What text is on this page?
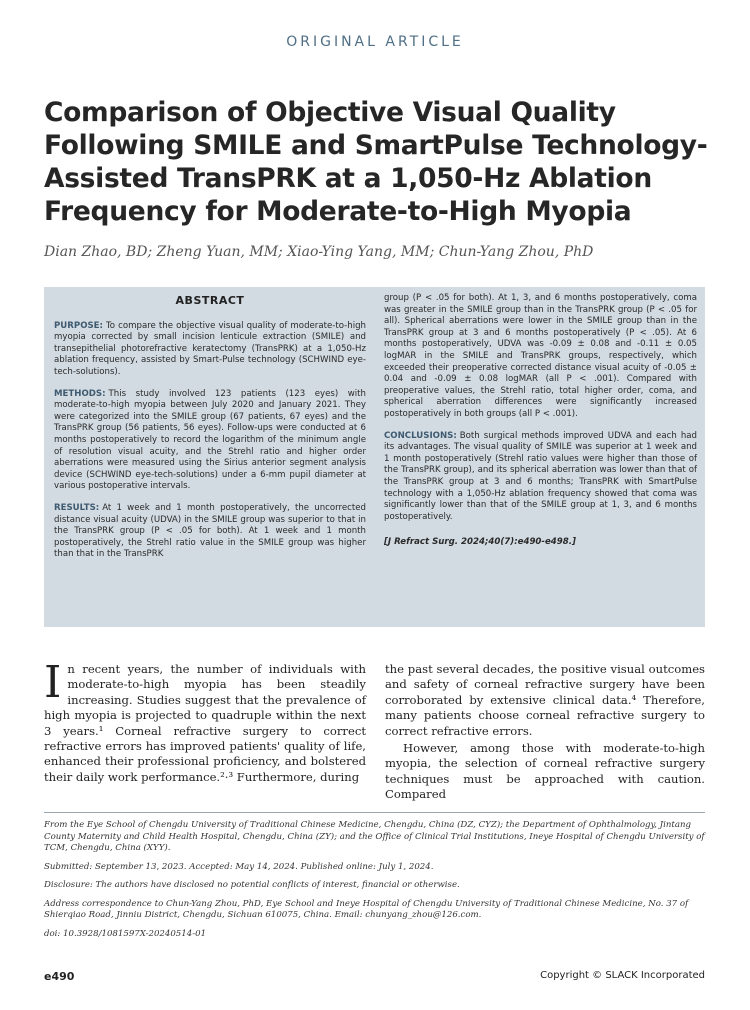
ORIGINAL ARTICLE
Comparison of Objective Visual Quality
Following SMILE and SmartPulse Technology-
Assisted TransPRK at a 1,050-Hz Ablation
Frequency for Moderate-to-High Myopia
Dian Zhao, BD; Zheng Yuan, MM; Xiao-Ying Yang, MM; Chun-Yang Zhou, PhD
ABSTRACT

PURPOSE: To compare the objective visual quality of moderate-to-high myopia corrected by small incision lenticule extraction (SMILE) and transepithelial photorefractive keratectomy (TransPRK) at a 1,050-Hz ablation frequency, assisted by Smart-Pulse technology (SCHWIND eye-tech-solutions).

METHODS: This study involved 123 patients (123 eyes) with moderate-to-high myopia between July 2020 and January 2021. They were categorized into the SMILE group (67 patients, 67 eyes) and the TransPRK group (56 patients, 56 eyes). Follow-ups were conducted at 6 months postoperatively to record the logarithm of the minimum angle of resolution visual acuity, and the Strehl ratio and higher order aberrations were measured using the Sirius anterior segment analysis device (SCHWIND eye-tech-solutions) under a 6-mm pupil diameter at various postoperative intervals.

RESULTS: At 1 week and 1 month postoperatively, the uncorrected distance visual acuity (UDVA) in the SMILE group was superior to that in the TransPRK group (P < .05 for both). At 1 week and 1 month postoperatively, the Strehl ratio value in the SMILE group was higher than that in the TransPRK

group (P < .05 for both). At 1, 3, and 6 months postoperatively, coma was greater in the SMILE group than in the TransPRK group (P < .05 for all). Spherical aberrations were lower in the SMILE group than in the TransPRK group at 3 and 6 months postoperatively (P < .05). At 6 months postoperatively, UDVA was -0.09 ± 0.08 and -0.11 ± 0.05 logMAR in the SMILE and TransPRK groups, respectively, which exceeded their preoperative corrected distance visual acuity of -0.05 ± 0.04 and -0.09 ± 0.08 logMAR (all P < .001). Compared with preoperative values, the Strehl ratio, total higher order, coma, and spherical aberration differences were significantly increased postoperatively in both groups (all P < .001).

CONCLUSIONS: Both surgical methods improved UDVA and each had its advantages. The visual quality of SMILE was superior at 1 week and 1 month postoperatively (Strehl ratio values were higher than those of the TransPRK group), and its spherical aberration was lower than that of the TransPRK group at 3 and 6 months; TransPRK with SmartPulse technology with a 1,050-Hz ablation frequency showed that coma was significantly lower than that of the SMILE group at 1, 3, and 6 months postoperatively.

[J Refract Surg. 2024;40(7):e490-e498.]

In recent years, the number of individuals with moderate-to-high myopia has been steadily increasing. Studies suggest that the prevalence of high myopia is projected to quadruple within the next 3 years.¹ Corneal refractive surgery to correct refractive errors has improved patients' quality of life, enhanced their professional proficiency, and bolstered their daily work performance.²·³ Furthermore, during

the past several decades, the positive visual outcomes and safety of corneal refractive surgery have been corroborated by extensive clinical data.⁴ Therefore, many patients choose corneal refractive surgery to correct refractive errors.

However, among those with moderate-to-high myopia, the selection of corneal refractive surgery techniques must be approached with caution. Compared

From the Eye School of Chengdu University of Traditional Chinese Medicine, Chengdu, China (DZ, CYZ); the Department of Ophthalmology, Jintang County Maternity and Child Health Hospital, Chengdu, China (ZY); and the Office of Clinical Trial Institutions, Ineye Hospital of Chengdu University of TCM, Chengdu, China (XYY).

Submitted: September 13, 2023. Accepted: May 14, 2024. Published online: July 1, 2024.

Disclosure: The authors have disclosed no potential conflicts of interest, financial or otherwise.

Address correspondence to Chun-Yang Zhou, PhD, Eye School and Ineye Hospital of Chengdu University of Traditional Chinese Medicine, No. 37 of Shierqiao Road, Jinniu District, Chengdu, Sichuan 610075, China. Email: chunyang_zhou@126.com.

doi: 10.3928/1081597X-20240514-01

e490	Copyright © SLACK Incorporated
